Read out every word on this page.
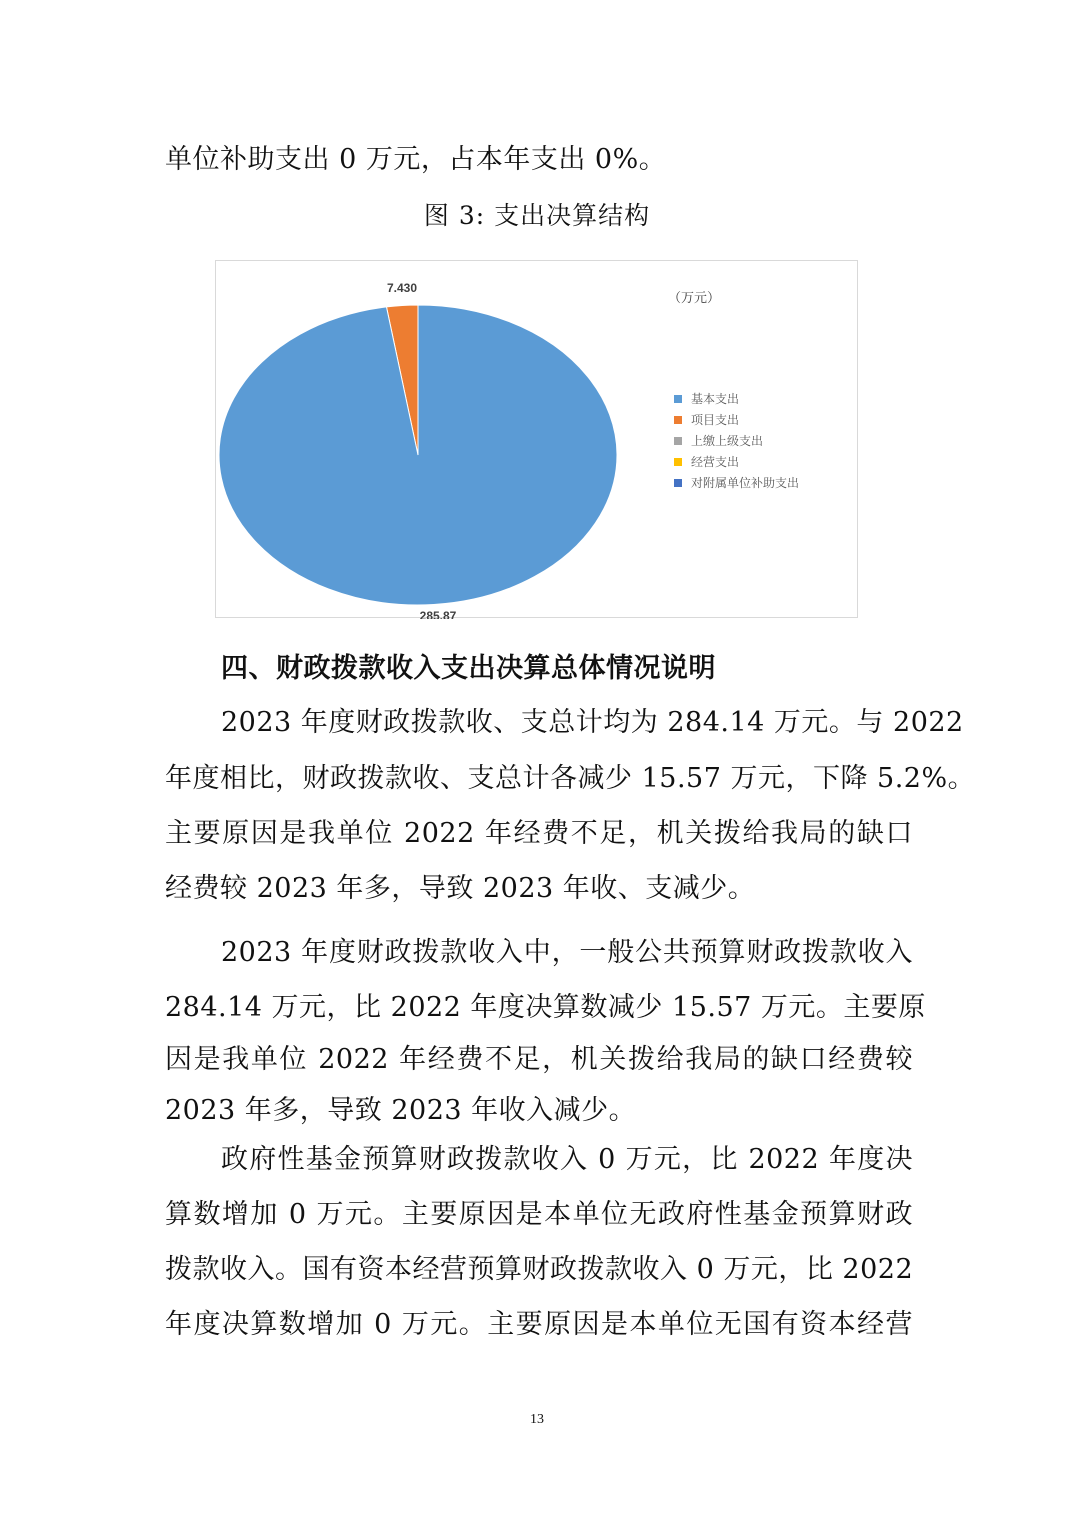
单位补助支出 0 万元，占本年支出 0%。
图 3: 支出决算结构
285.87
7.430
（万元）
基本支出
项目支出
上缴上级支出
经营支出
对附属单位补助支出
四、财政拨款收入支出决算总体情况说明
2023 年度财政拨款收、支总计均为 284.14 万元。与 2022
年度相比，财政拨款收、支总计各减少 15.57 万元，下降 5.2%。
主要原因是我单位 2022 年经费不足，机关拨给我局的缺口
经费较 2023 年多，导致 2023 年收、支减少。
2023 年度财政拨款收入中，一般公共预算财政拨款收入
284.14 万元，比 2022 年度决算数减少 15.57 万元。主要原
因是我单位 2022 年经费不足，机关拨给我局的缺口经费较
2023 年多，导致 2023 年收入减少。
政府性基金预算财政拨款收入 0 万元，比 2022 年度决
算数增加 0 万元。主要原因是本单位无政府性基金预算财政
拨款收入。国有资本经营预算财政拨款收入 0 万元，比 2022
年度决算数增加 0 万元。主要原因是本单位无国有资本经营
13
